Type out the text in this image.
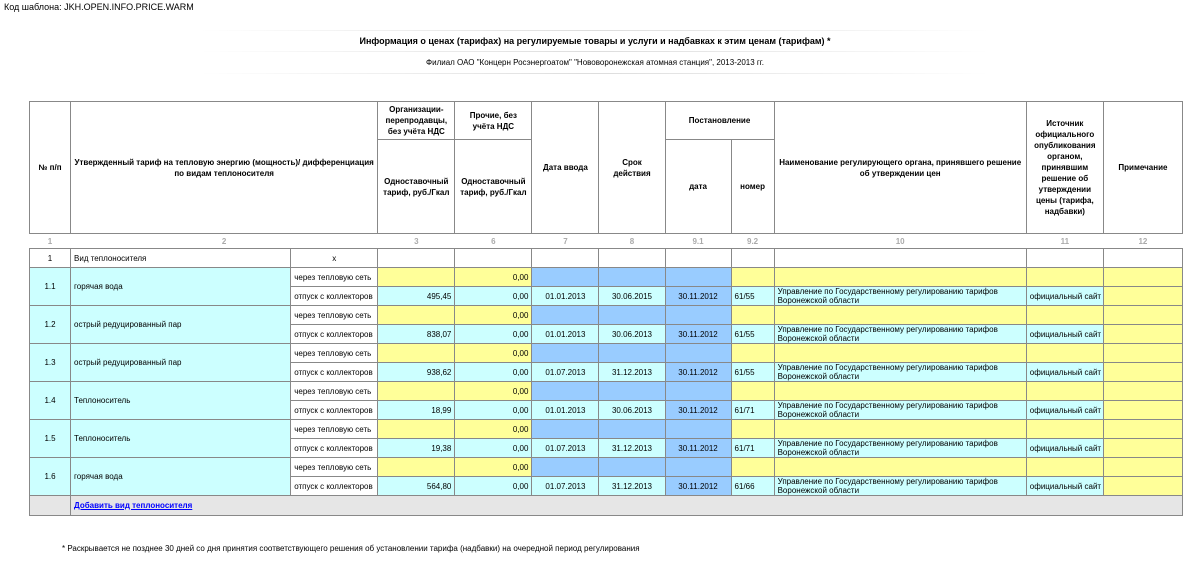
Код шаблона: JKH.OPEN.INFO.PRICE.WARM
Информация о ценах (тарифах) на регулируемые товары и услуги и надбавках к этим ценам (тарифам) *
Филиал ОАО "Концерн Росэнергоатом" "Нововоронежская атомная станция", 2013-2013 гг.
№ п/п	Утвержденный тариф на тепловую энергию (мощность)/ дифференциация по видам теплоносителя		Организации-перепродавцы, без учёта НДС	Прочие, без учёта НДС	Дата ввода	Срок действия	Постановление		Наименование регулирующего органа, принявшего решение об утверждении цен	Источник официального опубликования органом, принявшим решение об утверждении цены (тарифа, надбавки)	Примечание
			Одноставочный тариф, руб./Гкал	Одноставочный тариф, руб./Гкал			дата	номер			
1	2		3	6	7	8	9.1	9.2	10	11	12
1	Вид теплоносителя	x									
1.1	горячая вода	через тепловую сеть		0,00							
		отпуск с коллекторов	495,45	0,00	01.01.2013	30.06.2015	30.11.2012	61/55	Управление по Государственному регулированию тарифов Воронежской области	официальный сайт	
1.2	острый редуцированный пар	через тепловую сеть		0,00							
		отпуск с коллекторов	838,07	0,00	01.01.2013	30.06.2013	30.11.2012	61/55	Управление по Государственному регулированию тарифов Воронежской области	официальный сайт	
1.3	острый редуцированный пар	через тепловую сеть		0,00							
		отпуск с коллекторов	938,62	0,00	01.07.2013	31.12.2013	30.11.2012	61/55	Управление по Государственному регулированию тарифов Воронежской области	официальный сайт	
1.4	Теплоноситель	через тепловую сеть		0,00							
		отпуск с коллекторов	18,99	0,00	01.01.2013	30.06.2013	30.11.2012	61/71	Управление по Государственному регулированию тарифов Воронежской области	официальный сайт	
1.5	Теплоноситель	через тепловую сеть		0,00							
		отпуск с коллекторов	19,38	0,00	01.07.2013	31.12.2013	30.11.2012	61/71	Управление по Государственному регулированию тарифов Воронежской области	официальный сайт	
1.6	горячая вода	через тепловую сеть		0,00							
		отпуск с коллекторов	564,80	0,00	01.07.2013	31.12.2013	30.11.2012	61/66	Управление по Государственному регулированию тарифов Воронежской области	официальный сайт	
	Добавить вид теплоносителя										
* Раскрывается не позднее 30 дней со дня принятия соответствующего решения об установлении тарифа (надбавки) на очередной период регулирования
